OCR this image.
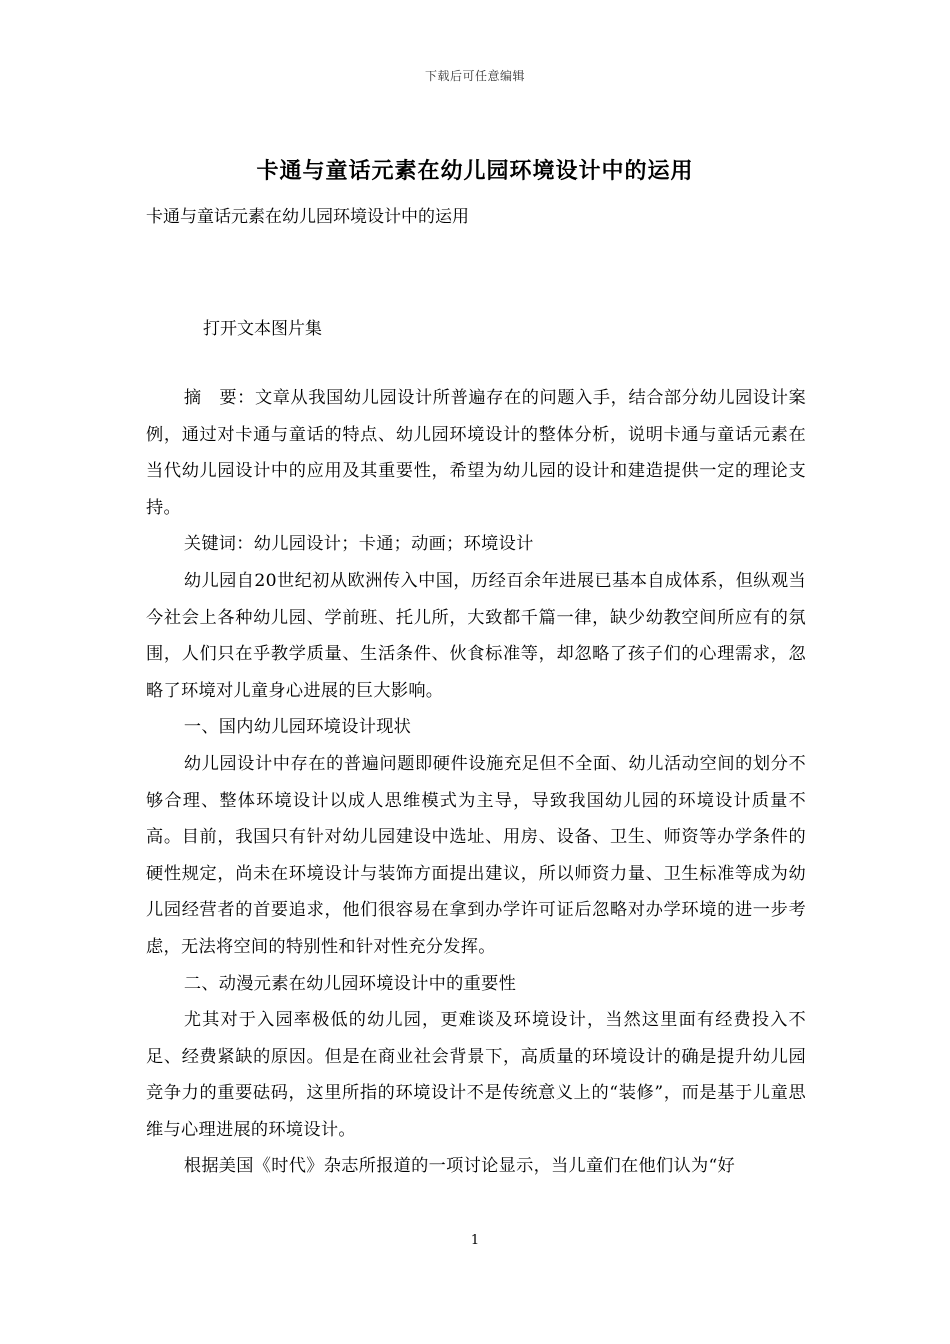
下载后可任意编辑
卡通与童话元素在幼儿园环境设计中的运用
卡通与童话元素在幼儿园环境设计中的运用
打开文本图片集

摘　要：文章从我国幼儿园设计所普遍存在的问题入手，结合部分幼儿园设计案例，通过对卡通与童话的特点、幼儿园环境设计的整体分析，说明卡通与童话元素在当代幼儿园设计中的应用及其重要性，希望为幼儿园的设计和建造提供一定的理论支持。

关键词：幼儿园设计；卡通；动画；环境设计

幼儿园自20世纪初从欧洲传入中国，历经百余年进展已基本自成体系，但纵观当今社会上各种幼儿园、学前班、托儿所，大致都千篇一律，缺少幼教空间所应有的氛围，人们只在乎教学质量、生活条件、伙食标准等，却忽略了孩子们的心理需求，忽略了环境对儿童身心进展的巨大影响。

一、国内幼儿园环境设计现状

幼儿园设计中存在的普遍问题即硬件设施充足但不全面、幼儿活动空间的划分不够合理、整体环境设计以成人思维模式为主导，导致我国幼儿园的环境设计质量不高。目前，我国只有针对幼儿园建设中选址、用房、设备、卫生、师资等办学条件的硬性规定，尚未在环境设计与装饰方面提出建议，所以师资力量、卫生标准等成为幼儿园经营者的首要追求，他们很容易在拿到办学许可证后忽略对办学环境的进一步考虑，无法将空间的特别性和针对性充分发挥。

二、动漫元素在幼儿园环境设计中的重要性

尤其对于入园率极低的幼儿园，更难谈及环境设计，当然这里面有经费投入不足、经费紧缺的原因。但是在商业社会背景下，高质量的环境设计的确是提升幼儿园竞争力的重要砝码，这里所指的环境设计不是传统意义上的“装修”，而是基于儿童思维与心理进展的环境设计。

根据美国《时代》杂志所报道的一项讨论显示，当儿童们在他们认为“好

1
